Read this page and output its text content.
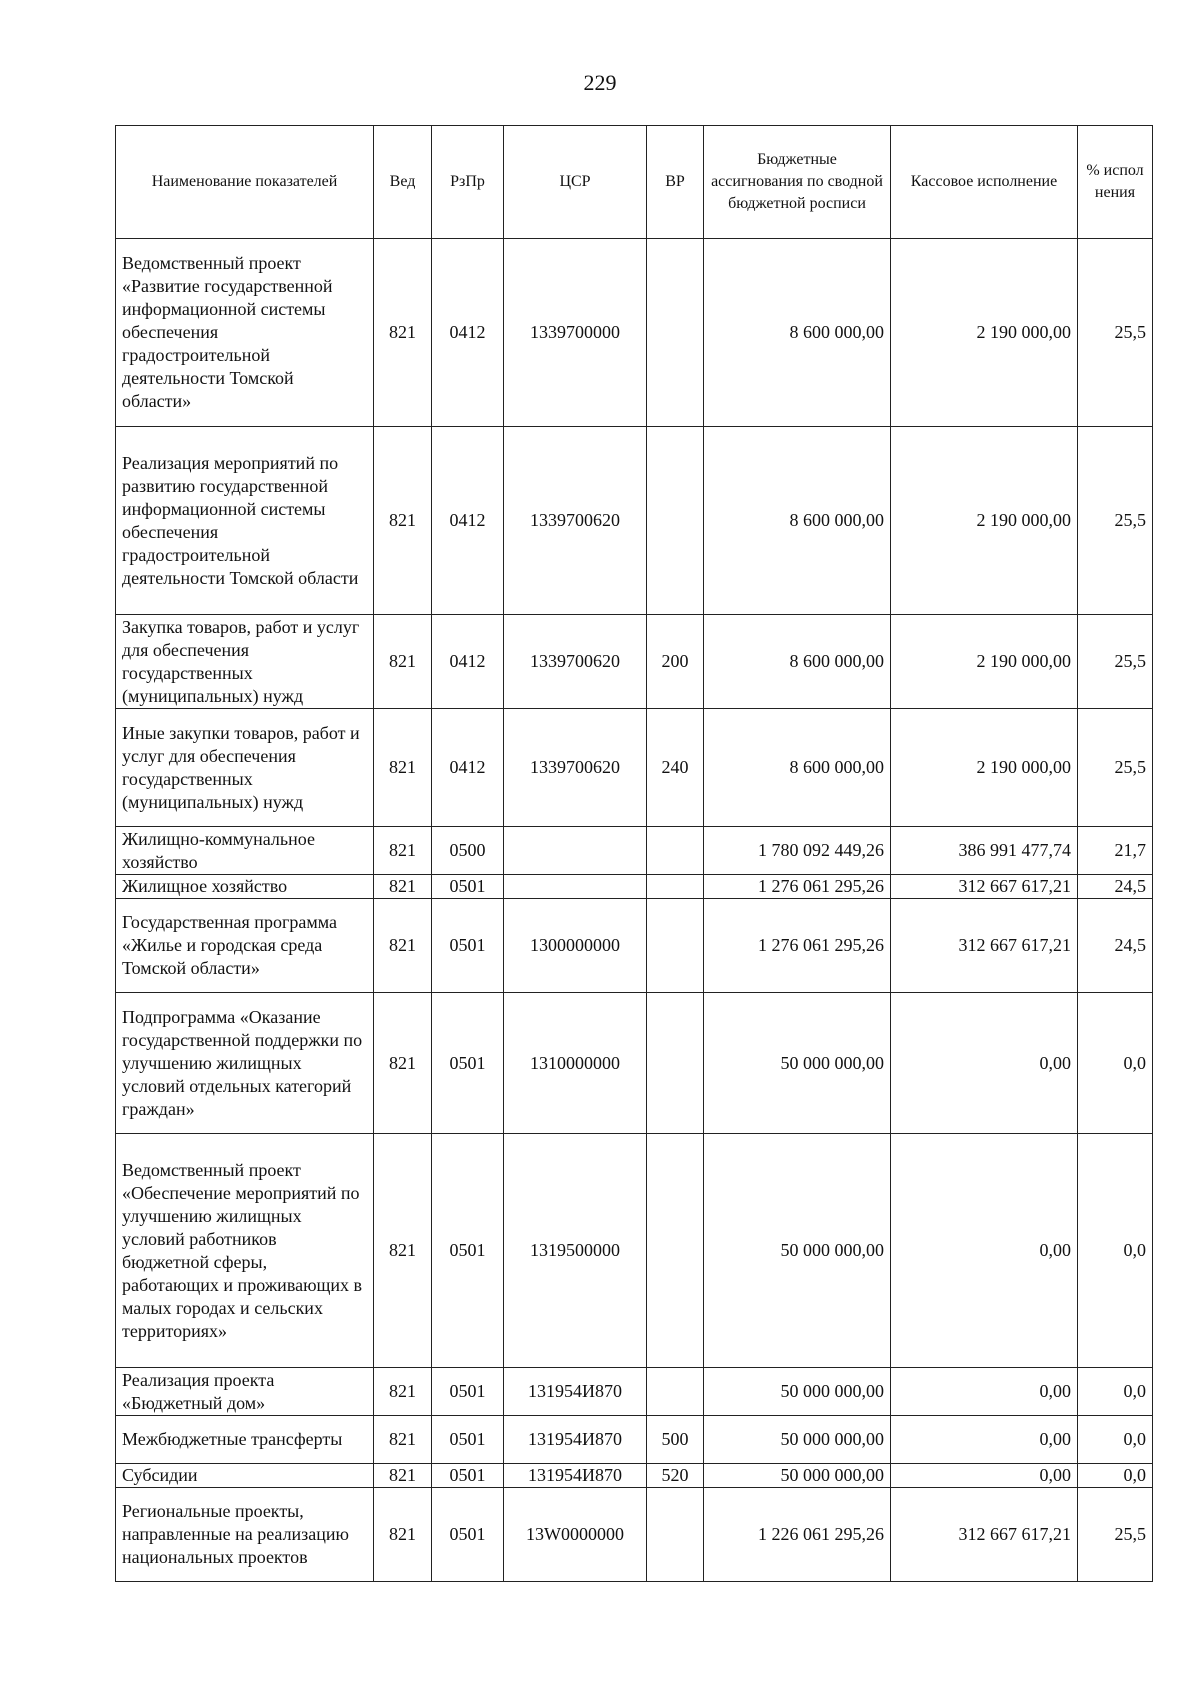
229
Наименование показателей	Вед	РзПр	ЦСР	ВР	Бюджетные ассигнования по сводной бюджетной росписи	Кассовое исполнение	% испол нения
Ведомственный проект «Развитие государственной информационной системы обеспечения градостроительной деятельности Томской области»	821	0412	1339700000		8 600 000,00	2 190 000,00	25,5
Реализация мероприятий по развитию государственной информационной системы обеспечения градостроительной деятельности Томской области	821	0412	1339700620		8 600 000,00	2 190 000,00	25,5
Закупка товаров, работ и услуг для обеспечения государственных (муниципальных) нужд	821	0412	1339700620	200	8 600 000,00	2 190 000,00	25,5
Иные закупки товаров, работ и услуг для обеспечения государственных (муниципальных) нужд	821	0412	1339700620	240	8 600 000,00	2 190 000,00	25,5
Жилищно-коммунальное хозяйство	821	0500			1 780 092 449,26	386 991 477,74	21,7
Жилищное хозяйство	821	0501			1 276 061 295,26	312 667 617,21	24,5
Государственная программа «Жилье и городская среда Томской области»	821	0501	1300000000		1 276 061 295,26	312 667 617,21	24,5
Подпрограмма «Оказание государственной поддержки по улучшению жилищных условий отдельных категорий граждан»	821	0501	1310000000		50 000 000,00	0,00	0,0
Ведомственный проект «Обеспечение мероприятий по улучшению жилищных условий работников бюджетной сферы, работающих и проживающих в малых городах и сельских территориях»	821	0501	1319500000		50 000 000,00	0,00	0,0
Реализация проекта «Бюджетный дом»	821	0501	131954И870		50 000 000,00	0,00	0,0
Межбюджетные трансферты	821	0501	131954И870	500	50 000 000,00	0,00	0,0
Субсидии	821	0501	131954И870	520	50 000 000,00	0,00	0,0
Региональные проекты, направленные на реализацию национальных проектов	821	0501	13W0000000		1 226 061 295,26	312 667 617,21	25,5
